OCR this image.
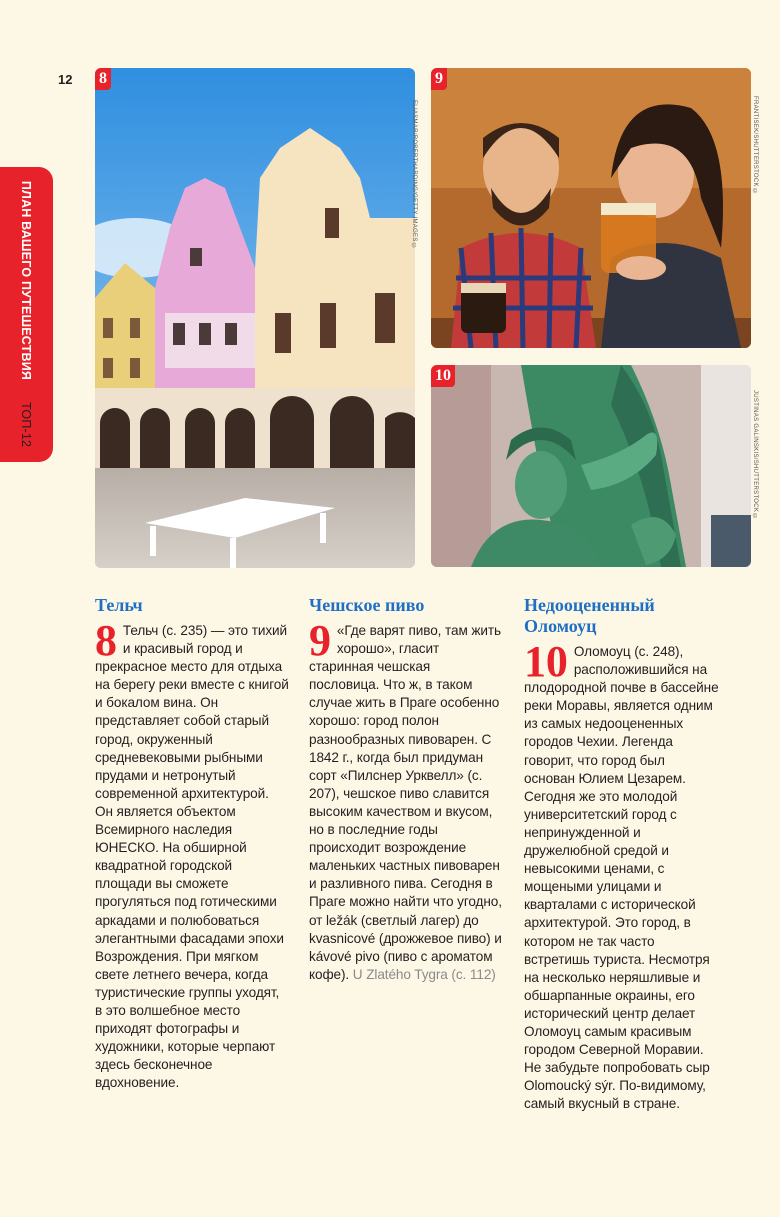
12
ПЛАН ВАШЕГО ПУТЕШЕСТВИЯТОП-12
8
ELIASMAR/ROBERTHARDING/GETTY IMAGES ©
9
FRANTISEK/SHUTTERSTOCK ©
10
JUSTINAS GALINSKIS/SHUTTERSTOCK ©
Тельч

8 Тельч (с. 235) — это тихий и красивый город и прекрасное место для отдыха на берегу реки вместе с книгой и бокалом вина. Он представляет собой старый город, окруженный средневековыми рыбными прудами и нетронутый современной архитектурой. Он является объектом Всемирного наследия ЮНЕСКО. На обширной квадратной городской площади вы сможете прогуляться под готическими аркадами и полюбоваться элегантными фасадами эпохи Возрождения. При мягком свете летнего вечера, когда туристические группы уходят, в это волшебное место приходят фотографы и художники, которые черпают здесь бесконечное вдохновение.

Чешское пиво

9 «Где варят пиво, там жить хорошо», гласит старинная чешская пословица. Что ж, в таком случае жить в Праге особенно хорошо: город полон разнообразных пивоварен. С 1842 г., когда был придуман сорт «Пилснер Урквелл» (с. 207), чешское пиво славится высоким качеством и вкусом, но в последние годы происходит возрождение маленьких частных пивоварен и разливного пива. Сегодня в Праге можно найти что угодно, от ležák (светлый лагер) до kvasnicové (дрожжевое пиво) и kávové pivo (пиво с ароматом кофе). U Zlatého Tygra (с. 112)

Недооцененный Оломоуц

10 Оломоуц (с. 248), расположившийся на плодородной почве в бассейне реки Моравы, является одним из самых недооцененных городов Чехии. Легенда говорит, что город был основан Юлием Цезарем. Сегодня же это молодой университетский город с непринужденной и дружелюбной средой и невысокими ценами, с мощеными улицами и кварталами с исторической архитектурой. Это город, в котором не так часто встретишь туриста. Несмотря на несколько неряшливые и обшарпанные окраины, его исторический центр делает Оломоуц самым красивым городом Северной Моравии. Не забудьте попробовать сыр Olomoucký sýr. По-видимому, самый вкусный в стране.
